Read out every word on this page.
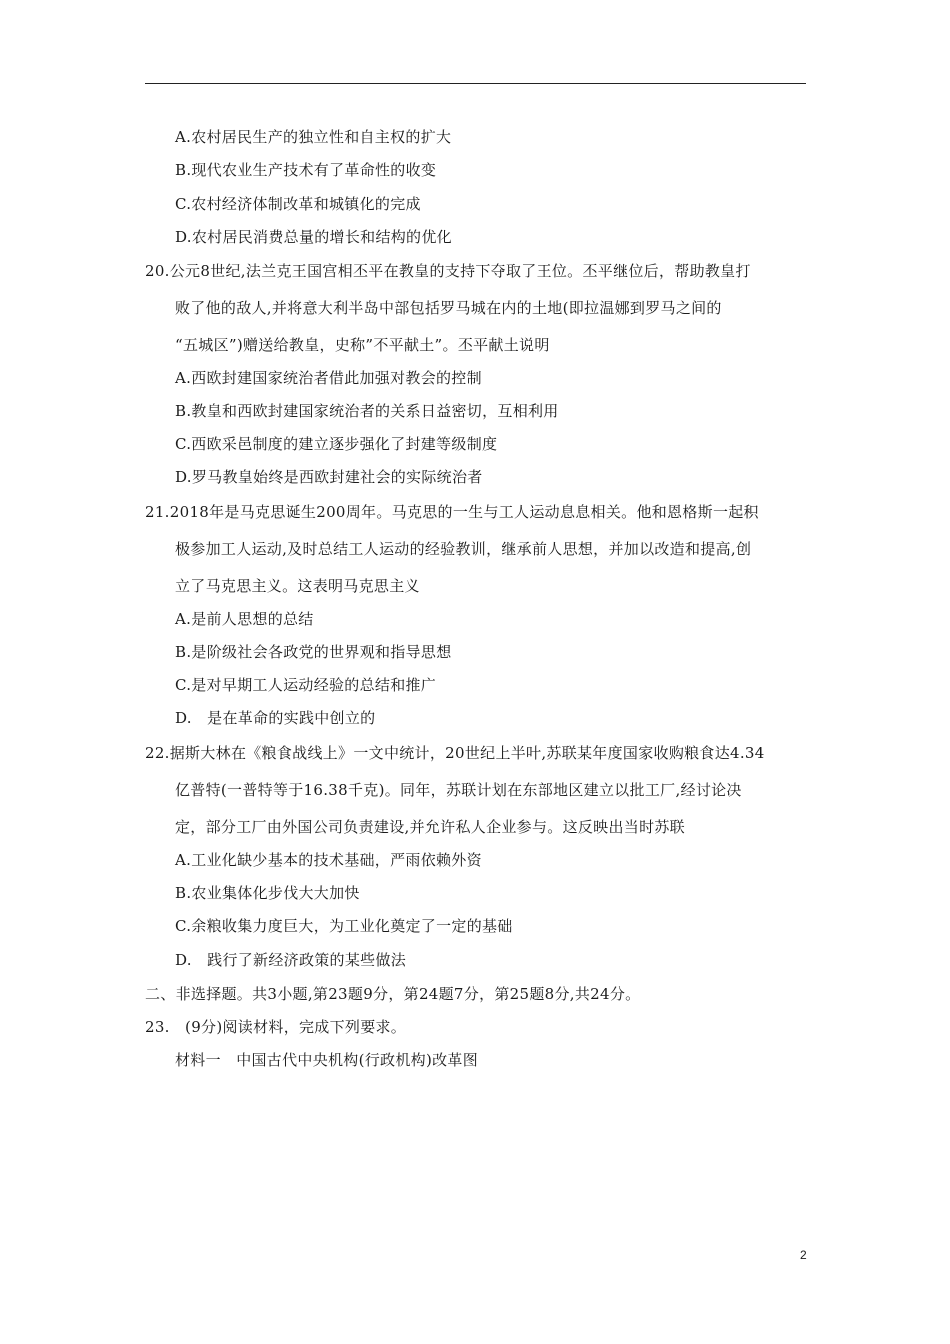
A.农村居民生产的独立性和自主权的扩大
B.现代农业生产技术有了革命性的收变
C.农村经济体制改革和城镇化的完成
D.农村居民消费总量的增长和结构的优化
20.公元8世纪,法兰克王国宫相丕平在教皇的支持下夺取了王位。丕平继位后，帮助教皇打
败了他的敌人,并将意大利半岛中部包括罗马城在内的土地(即拉温娜到罗马之间的
“五城区”)赠送给教皇，史称”不平献土”。丕平献土说明
A.西欧封建国家统治者借此加强对教会的控制
B.教皇和西欧封建国家统治者的关系日益密切，互相利用
C.西欧采邑制度的建立逐步强化了封建等级制度
D.罗马教皇始终是西欧封建社会的实际统治者
21.2018年是马克思诞生200周年。马克思的一生与工人运动息息相关。他和恩格斯一起积
极参加工人运动,及时总结工人运动的经验教训，继承前人思想，并加以改造和提高,创
立了马克思主义。这表明马克思主义
A.是前人思想的总结
B.是阶级社会各政党的世界观和指导思想
C.是对早期工人运动经验的总结和推广
D.　是在革命的实践中创立的
22.据斯大林在《粮食战线上》一文中统计，20世纪上半叶,苏联某年度国家收购粮食达4.34
亿普特(一普特等于16.38千克)。同年，苏联计划在东部地区建立以批工厂,经讨论决
定，部分工厂由外国公司负责建设,并允许私人企业参与。这反映出当时苏联
A.工业化缺少基本的技术基础，严雨依赖外资
B.农业集体化步伐大大加快
C.余粮收集力度巨大，为工业化奠定了一定的基础
D.　践行了新经济政策的某些做法
二、非选择题。共3小题,第23题9分，第24题7分，第25题8分,共24分。
23.　(9分)阅读材料，完成下列要求。
材料一　中国古代中央机构(行政机构)改革图
2
